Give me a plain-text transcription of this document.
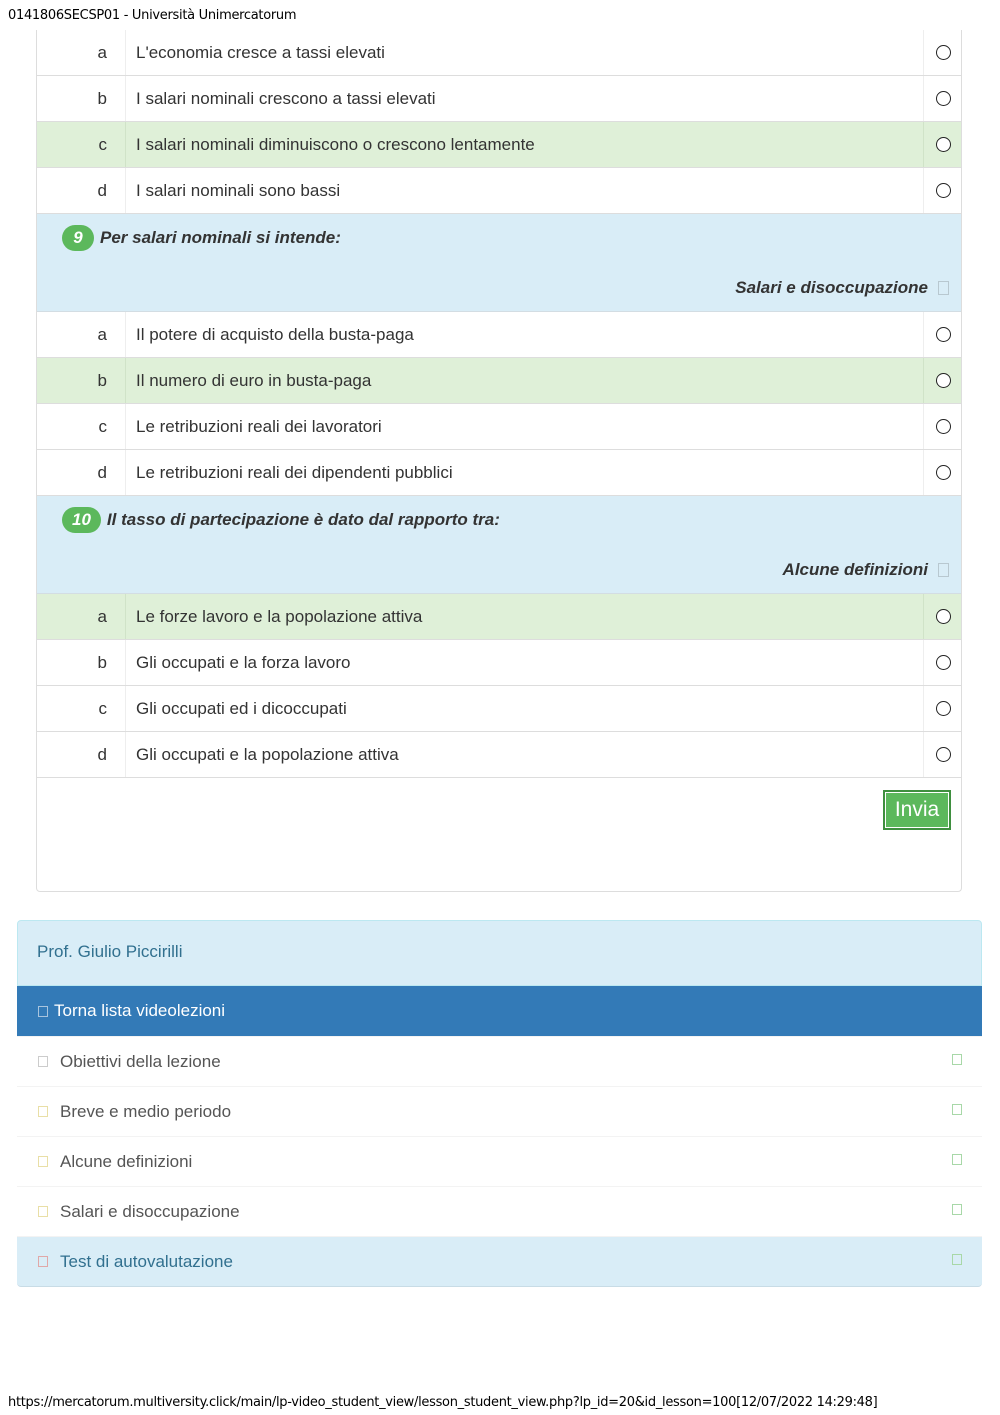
0141806SECSP01 - Università Unimercatorum
a	L'economia cresce a tassi elevati
b	I salari nominali crescono a tassi elevati
c	I salari nominali diminuiscono o crescono lentamente
d	I salari nominali sono bassi
9	Per salari nominali si intende:
Salari e disoccupazione
a	Il potere di acquisto della busta-paga
b	Il numero di euro in busta-paga
c	Le retribuzioni reali dei lavoratori
d	Le retribuzioni reali dei dipendenti pubblici
10 Il tasso di partecipazione è dato dal rapporto tra:
Alcune definizioni
a	Le forze lavoro e la popolazione attiva
b	Gli occupati e la forza lavoro
c	Gli occupati ed i dicoccupati
d	Gli occupati e la popolazione attiva
Invia
Prof. Giulio Piccirilli
Torna lista videolezioni
Obiettivi della lezione
Breve e medio periodo
Alcune definizioni
Salari e disoccupazione
Test di autovalutazione
https://mercatorum.multiversity.click/main/lp-video_student_view/lesson_student_view.php?lp_id=20&id_lesson=100[12/07/2022 14:29:48]
